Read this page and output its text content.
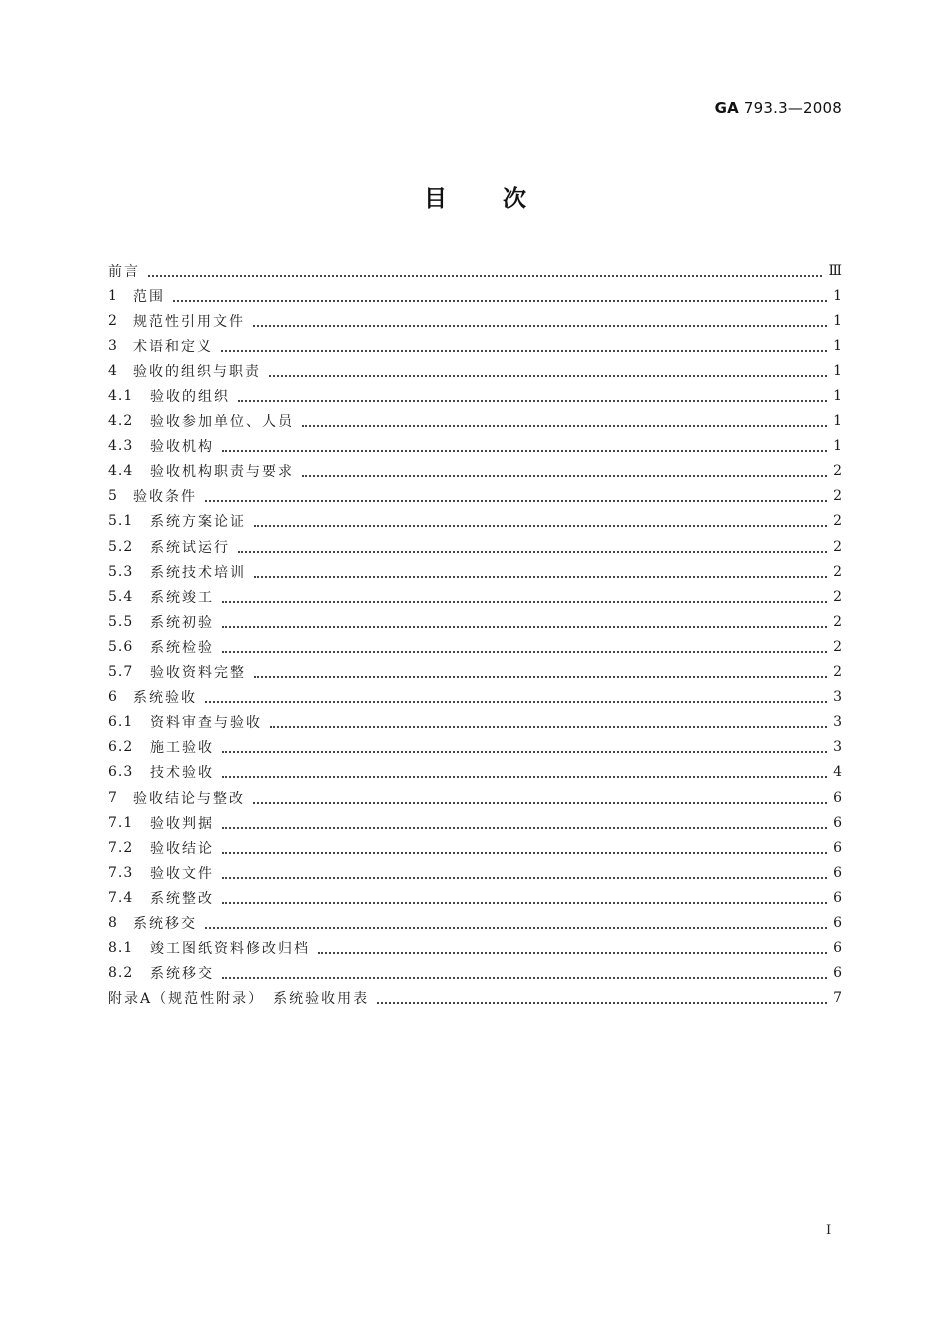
GA 793.3—2008
目次
前言	Ⅲ
1	范围	1
2	规范性引用文件	1
3	术语和定义	1
4	验收的组织与职责	1
4.1	验收的组织	1
4.2	验收参加单位、人员	1
4.3	验收机构	1
4.4	验收机构职责与要求	2
5	验收条件	2
5.1	系统方案论证	2
5.2	系统试运行	2
5.3	系统技术培训	2
5.4	系统竣工	2
5.5	系统初验	2
5.6	系统检验	2
5.7	验收资料完整	2
6	系统验收	3
6.1	资料审查与验收	3
6.2	施工验收	3
6.3	技术验收	4
7	验收结论与整改	6
7.1	验收判据	6
7.2	验收结论	6
7.3	验收文件	6
7.4	系统整改	6
8	系统移交	6
8.1	竣工图纸资料修改归档	6
8.2	系统移交	6
附录A（规范性附录）　系统验收用表	7
I
